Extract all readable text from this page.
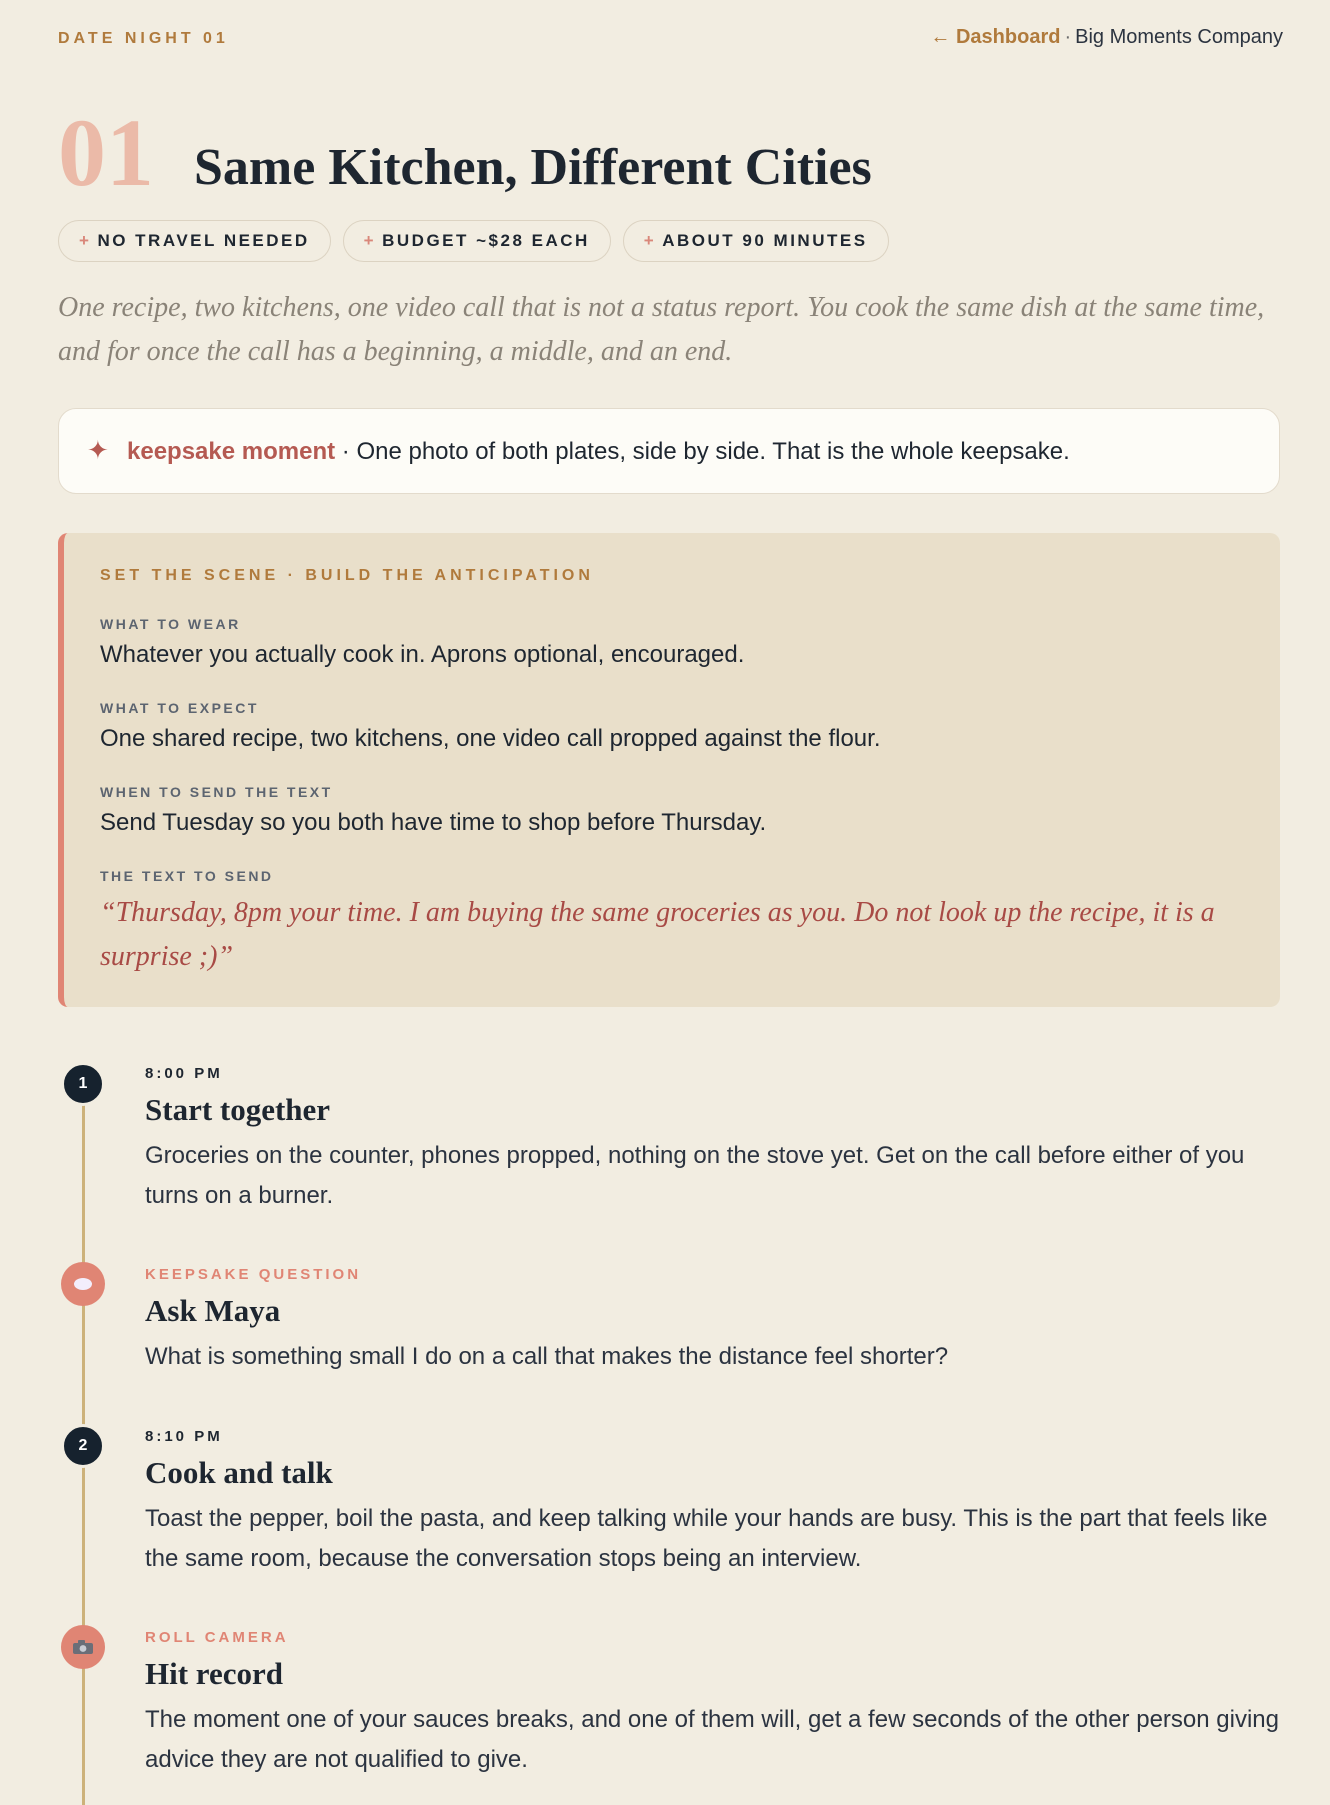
DATE NIGHT 01	← Dashboard · Big Moments Company
01 Same Kitchen, Different Cities
+ NO TRAVEL NEEDED	+ BUDGET ~$28 EACH	+ ABOUT 90 MINUTES

One recipe, two kitchens, one video call that is not a status report. You cook the same dish at the same time, and for once the call has a beginning, a middle, and an end.

✦ keepsake moment · One photo of both plates, side by side. That is the whole keepsake.
SET THE SCENE · BUILD THE ANTICIPATION
WHAT TO WEAR
Whatever you actually cook in. Aprons optional, encouraged.
WHAT TO EXPECT
One shared recipe, two kitchens, one video call propped against the flour.
WHEN TO SEND THE TEXT
Send Tuesday so you both have time to shop before Thursday.
THE TEXT TO SEND
“Thursday, 8pm your time. I am buying the same groceries as you. Do not look up the recipe, it is a surprise ;)”
1
8:00 PM
Start together
Groceries on the counter, phones propped, nothing on the stove yet. Get on the call before either of you turns on a burner.
KEEPSAKE QUESTION
Ask Maya
What is something small I do on a call that makes the distance feel shorter?
2
8:10 PM
Cook and talk
Toast the pepper, boil the pasta, and keep talking while your hands are busy. This is the part that feels like the same room, because the conversation stops being an interview.
ROLL CAMERA
Hit record
The moment one of your sauces breaks, and one of them will, get a few seconds of the other person giving advice they are not qualified to give.
